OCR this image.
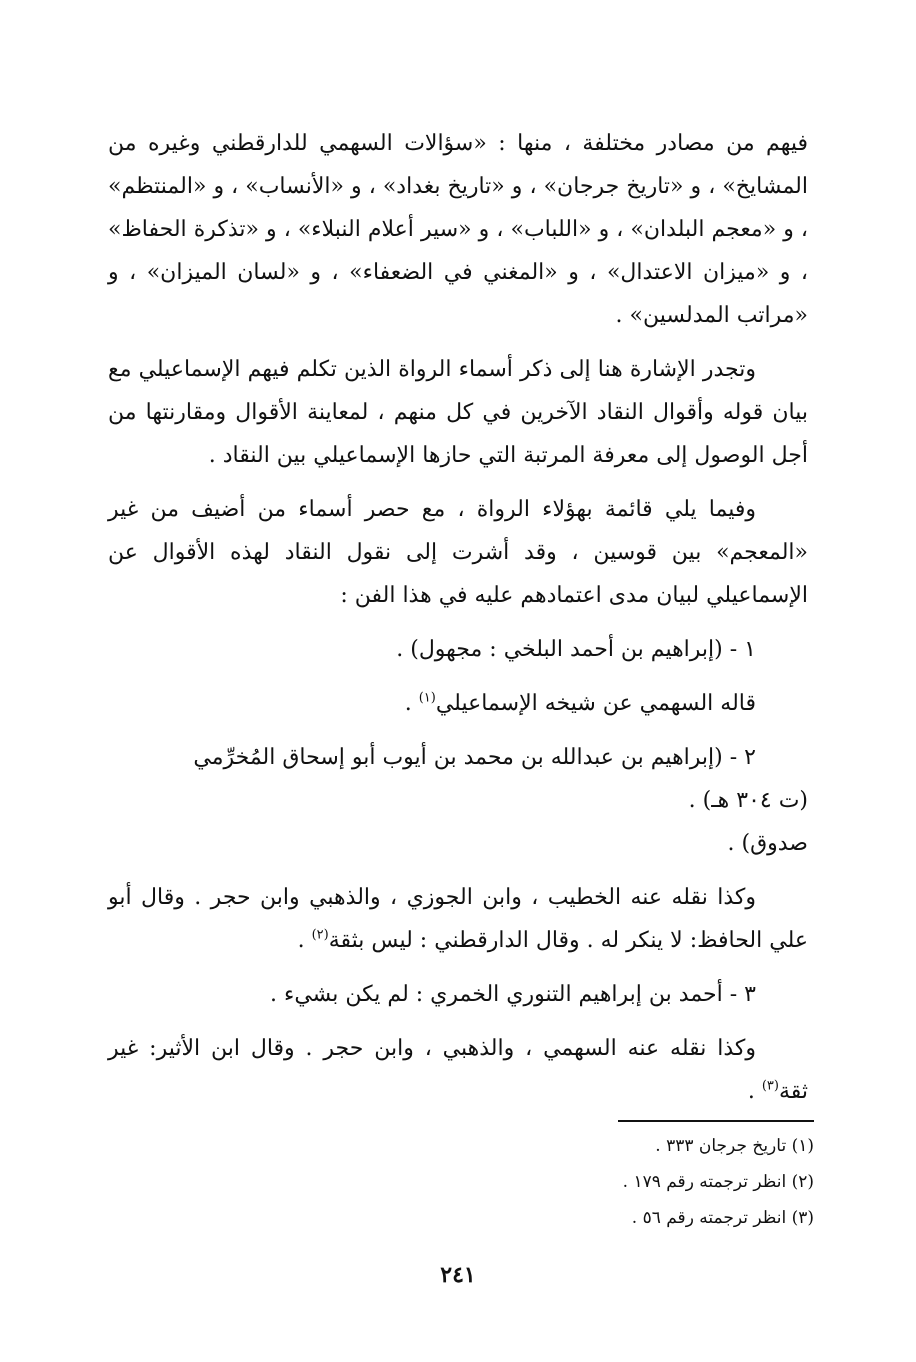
فيهم من مصادر مختلفة ، منها : «سؤالات السهمي للدارقطني وغيره من المشايخ» ، و «تاريخ جرجان» ، و «تاريخ بغداد» ، و «الأنساب» ، و «المنتظم» ، و «معجم البلدان» ، و «اللباب» ، و «سير أعلام النبلاء» ، و «تذكرة الحفاظ» ، و «ميزان الاعتدال» ، و «المغني في الضعفاء» ، و «لسان الميزان» ، و «مراتب المدلسين» .

وتجدر الإشارة هنا إلى ذكر أسماء الرواة الذين تكلم فيهم الإسماعيلي مع بيان قوله وأقوال النقاد الآخرين في كل منهم ، لمعاينة الأقوال ومقارنتها من أجل الوصول إلى معرفة المرتبة التي حازها الإسماعيلي بين النقاد .

وفيما يلي قائمة بهؤلاء الرواة ، مع حصر أسماء من أضيف من غير «المعجم» بين قوسين ، وقد أشرت إلى نقول النقاد لهذه الأقوال عن الإسماعيلي لبيان مدى اعتمادهم عليه في هذا الفن :

١ - (إبراهيم بن أحمد البلخي : مجهول) .

قاله السهمي عن شيخه الإسماعيلي$^{(١)}$ .

٢ - (إبراهيم بن عبدالله بن محمد بن أيوب أبو إسحاق المُخرِّمي

(ت ٣٠٤ هـ) .

صدوق) .

وكذا نقله عنه الخطيب ، وابن الجوزي ، والذهبي وابن حجر . وقال أبو علي الحافظ: لا ينكر له . وقال الدارقطني : ليس بثقة$^{(٢)}$ .

٣ - أحمد بن إبراهيم التنوري الخمري : لم يكن بشيء .

وكذا نقله عنه السهمي ، والذهبي ، وابن حجر . وقال ابن الأثير: غير ثقة$^{(٣)}$ .

(١) تاريخ جرجان ٣٣٣ .
(٢) انظر ترجمته رقم ١٧٩ .
(٣) انظر ترجمته رقم ٥٦ .
٢٤١
